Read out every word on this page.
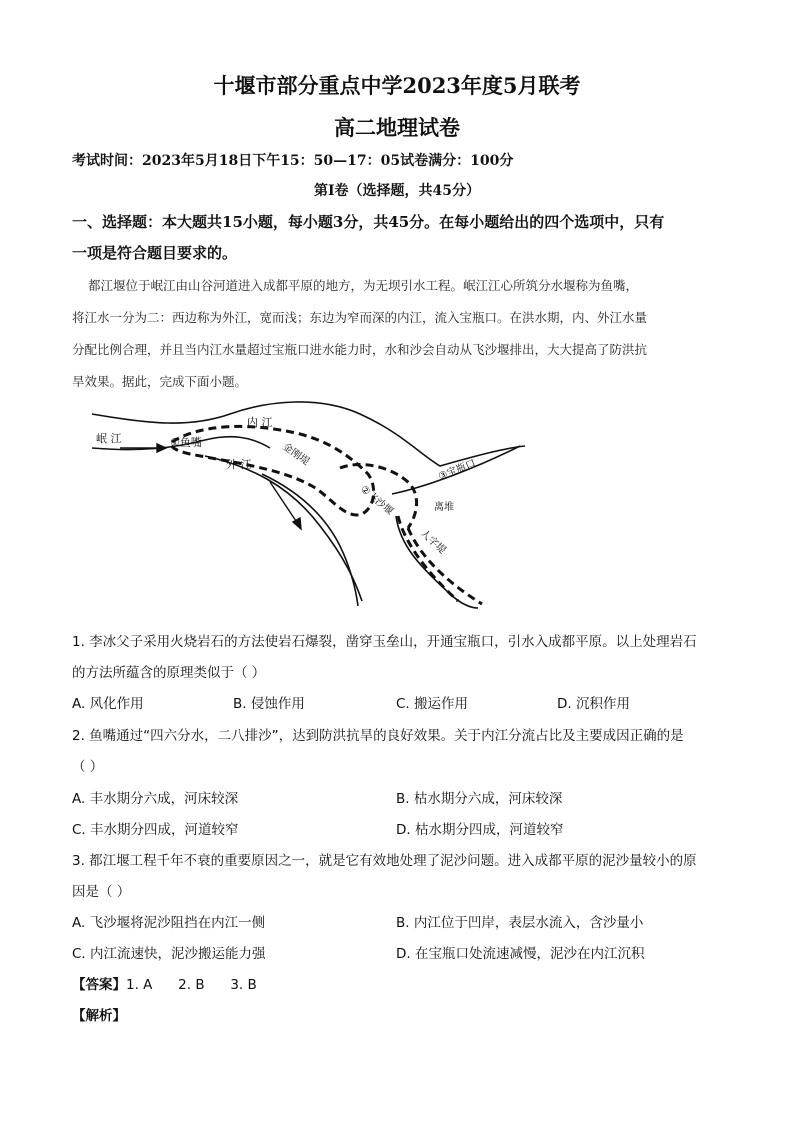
十堰市部分重点中学2023年度5月联考
高二地理试卷
考试时间：2023年5月18日下午15：50—17：05试卷满分：100分
第Ⅰ卷（选择题，共45分）
一、选择题：本大题共15小题，每小题3分，共45分。在每小题给出的四个选项中，只有
一项是符合题目要求的。
都江堰位于岷江由山谷河道进入成都平原的地方，为无坝引水工程。岷江江心所筑分水堰称为鱼嘴，
将江水一分为二：西边称为外江，宽而浅；东边为窄而深的内江，流入宝瓶口。在洪水期，内、外江水量
分配比例合理，并且当内江水量超过宝瓶口进水能力时，水和沙会自动从飞沙堰排出，大大提高了防洪抗
旱效果。据此，完成下面小题。
岷 江	①鱼嘴
内 江
外 江	金刚堤
②飞沙堰
③宝瓶口
离堆
人字堤
1. 李冰父子采用火烧岩石的方法使岩石爆裂，凿穿玉垒山，开通宝瓶口，引水入成都平原。以上处理岩石
的方法所蕴含的原理类似于（ ）
A. 风化作用	B. 侵蚀作用	C. 搬运作用	D. 沉积作用
2. 鱼嘴通过“四六分水，二八排沙”，达到防洪抗旱的良好效果。关于内江分流占比及主要成因正确的是
（ ）
A. 丰水期分六成，河床较深	B. 枯水期分六成，河床较深
C. 丰水期分四成，河道较窄	D. 枯水期分四成，河道较窄
3. 都江堰工程千年不衰的重要原因之一，就是它有效地处理了泥沙问题。进入成都平原的泥沙量较小的原
因是（ ）
A. 飞沙堰将泥沙阻挡在内江一侧	B. 内江位于凹岸，表层水流入，含沙量小
C. 内江流速快，泥沙搬运能力强	D. 在宝瓶口处流速减慢，泥沙在内江沉积
【答案】1. A      2. B      3. B
【解析】
